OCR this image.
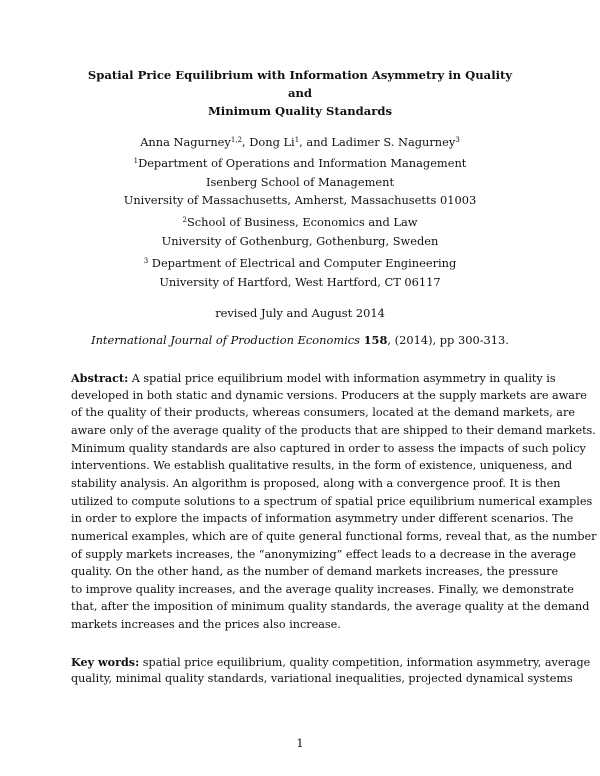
Spatial Price Equilibrium with Information Asymmetry in Quality
and
Minimum Quality Standards
Anna Nagurney$^{1,2}$, Dong Li$^1$, and Ladimer S. Nagurney$^3$
$^1$Department of Operations and Information Management
Isenberg School of Management
University of Massachusetts, Amherst, Massachusetts 01003
$^2$School of Business, Economics and Law
University of Gothenburg, Gothenburg, Sweden
$^3$ Department of Electrical and Computer Engineering
University of Hartford, West Hartford, CT 06117
revised July and August 2014
International Journal of Production Economics 158, (2014), pp 300-313.
Abstract: A spatial price equilibrium model with information asymmetry in quality is
developed in both static and dynamic versions. Producers at the supply markets are aware
of the quality of their products, whereas consumers, located at the demand markets, are
aware only of the average quality of the products that are shipped to their demand markets.
Minimum quality standards are also captured in order to assess the impacts of such policy
interventions. We establish qualitative results, in the form of existence, uniqueness, and
stability analysis. An algorithm is proposed, along with a convergence proof. It is then
utilized to compute solutions to a spectrum of spatial price equilibrium numerical examples
in order to explore the impacts of information asymmetry under different scenarios. The
numerical examples, which are of quite general functional forms, reveal that, as the number
of supply markets increases, the “anonymizing” effect leads to a decrease in the average
quality. On the other hand, as the number of demand markets increases, the pressure
to improve quality increases, and the average quality increases. Finally, we demonstrate
that, after the imposition of minimum quality standards, the average quality at the demand
markets increases and the prices also increase.
Key words: spatial price equilibrium, quality competition, information asymmetry, average
quality, minimal quality standards, variational inequalities, projected dynamical systems
1
